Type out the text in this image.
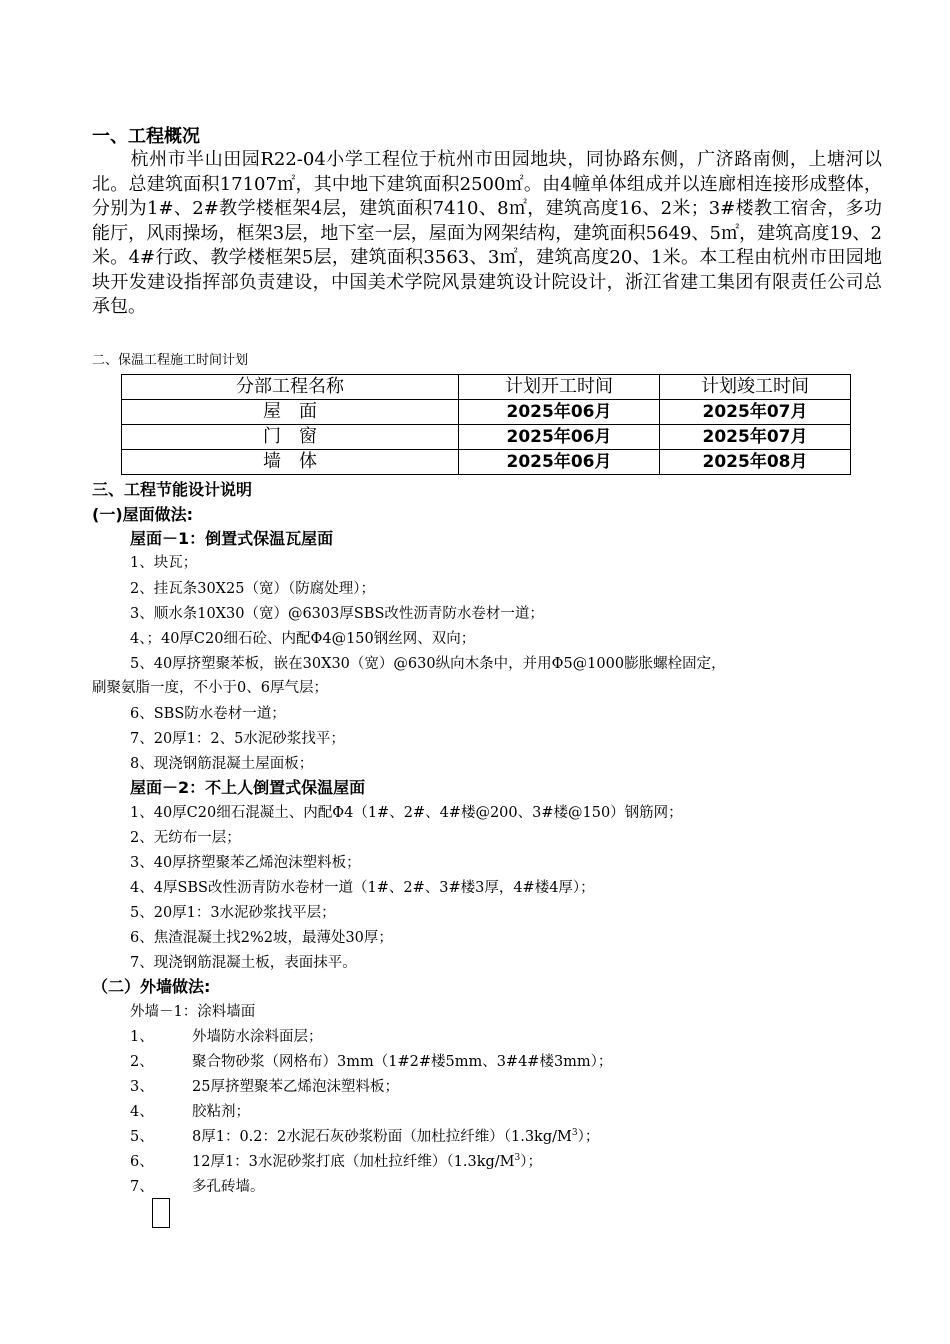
一、工程概况
杭州市半山田园R22-04小学工程位于杭州市田园地块，同协路东侧，广济路南侧，上塘河以北。总建筑面积17107㎡，其中地下建筑面积2500㎡。由4幢单体组成并以连廊相连接形成整体，分别为1#、2#教学楼框架4层，建筑面积7410、8㎡，建筑高度16、2米；3#楼教工宿舍，多功能厅，风雨操场，框架3层，地下室一层，屋面为网架结构，建筑面积5649、5㎡，建筑高度19、2米。4#行政、教学楼框架5层，建筑面积3563、3㎡，建筑高度20、1米。本工程由杭州市田园地块开发建设指挥部负责建设，中国美术学院风景建筑设计院设计，浙江省建工集团有限责任公司总承包。
二、保温工程施工时间计划
分部工程名称	计划开工时间	计划竣工时间
屋　面	2025年06月	2025年07月
门　窗	2025年06月	2025年07月
墙　体	2025年06月	2025年08月
三、工程节能设计说明
(一)屋面做法:
屋面－1：倒置式保温瓦屋面
1、块瓦；
2、挂瓦条30X25（宽）（防腐处理）；
3、顺水条10X30（宽）@6303厚SBS改性沥青防水卷材一道；
4、；40厚C20细石砼、内配Φ4@150钢丝网、双向；
5、40厚挤塑聚苯板，嵌在30X30（宽）@630纵向木条中，并用Φ5@1000膨胀螺栓固定，
刷聚氨脂一度，不小于0、6厚气层；
6、SBS防水卷材一道；
7、20厚1：2、5水泥砂浆找平；
8、现浇钢筋混凝土屋面板；
屋面－2：不上人倒置式保温屋面
1、40厚C20细石混凝土、内配Φ4（1#、2#、4#楼@200、3#楼@150）钢筋网；
2、无纺布一层；
3、40厚挤塑聚苯乙烯泡沫塑料板；
4、4厚SBS改性沥青防水卷材一道（1#、2#、3#楼3厚，4#楼4厚）；
5、20厚1：3水泥砂浆找平层；
6、焦渣混凝土找2%2坡，最薄处30厚；
7、现浇钢筋混凝土板，表面抹平。
（二）外墙做法:
外墙－1：涂料墙面
1、	外墙防水涂料面层；
2、	聚合物砂浆（网格布）3mm（1#2#楼5mm、3#4#楼3mm）；
3、	25厚挤塑聚苯乙烯泡沫塑料板；
4、	胶粘剂；
5、	8厚1：0.2：2水泥石灰砂浆粉面（加杜拉纤维）$(1.3kg/M^3)$；
6、	12厚1：3水泥砂浆打底（加杜拉纤维）$(1.3kg/M^3)$；
7、	多孔砖墙。
